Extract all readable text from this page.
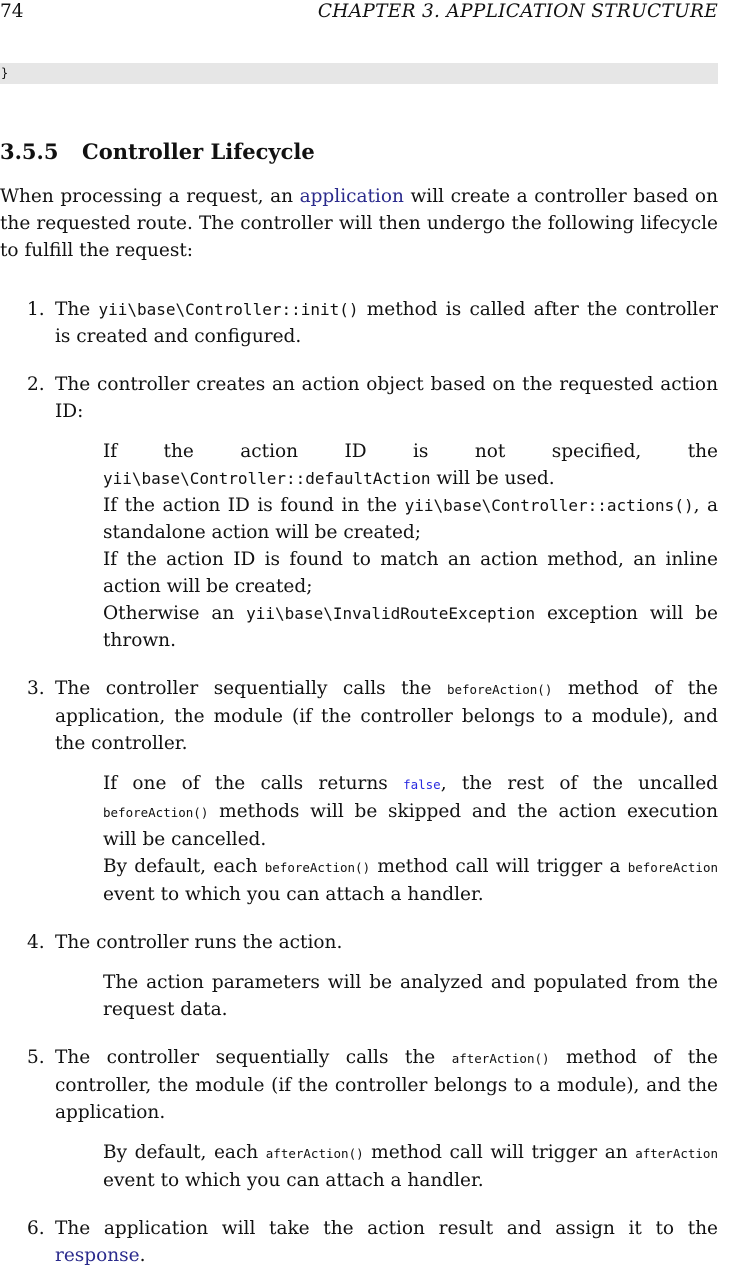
74	CHAPTER 3. APPLICATION STRUCTURE
}
3.5.5 Controller Lifecycle

When processing a request, an application will create a controller based on the requested route. The controller will then undergo the following lifecycle to fulfill the request:

1. The yii\base\Controller::init() method is called after the controller is created and configured.
2. The controller creates an action object based on the requested action ID:

If the action ID is not specified, the yii\base\Controller::defaultAction will be used.

If the action ID is found in the yii\base\Controller::actions(), a standalone action will be created;

If the action ID is found to match an action method, an inline action will be created;

Otherwise an yii\base\InvalidRouteException exception will be thrown.

3. The controller sequentially calls the beforeAction() method of the application, the module (if the controller belongs to a module), and the controller.

If one of the calls returns false, the rest of the uncalled beforeAction() methods will be skipped and the action execution will be cancelled.

By default, each beforeAction() method call will trigger a beforeAction event to which you can attach a handler.

4. The controller runs the action.

The action parameters will be analyzed and populated from the request data.

5. The controller sequentially calls the afterAction() method of the controller, the module (if the controller belongs to a module), and the application.

By default, each afterAction() method call will trigger an afterAction event to which you can attach a handler.

6. The application will take the action result and assign it to the response.
